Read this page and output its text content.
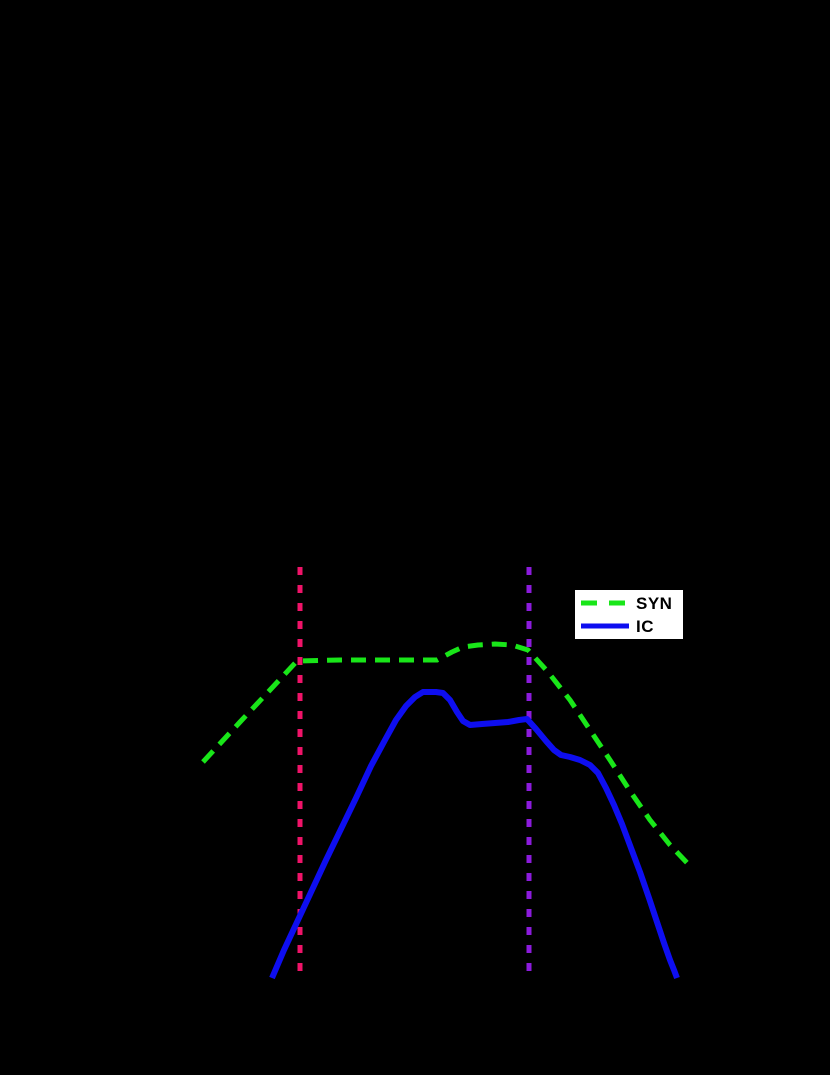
SYN
IC
